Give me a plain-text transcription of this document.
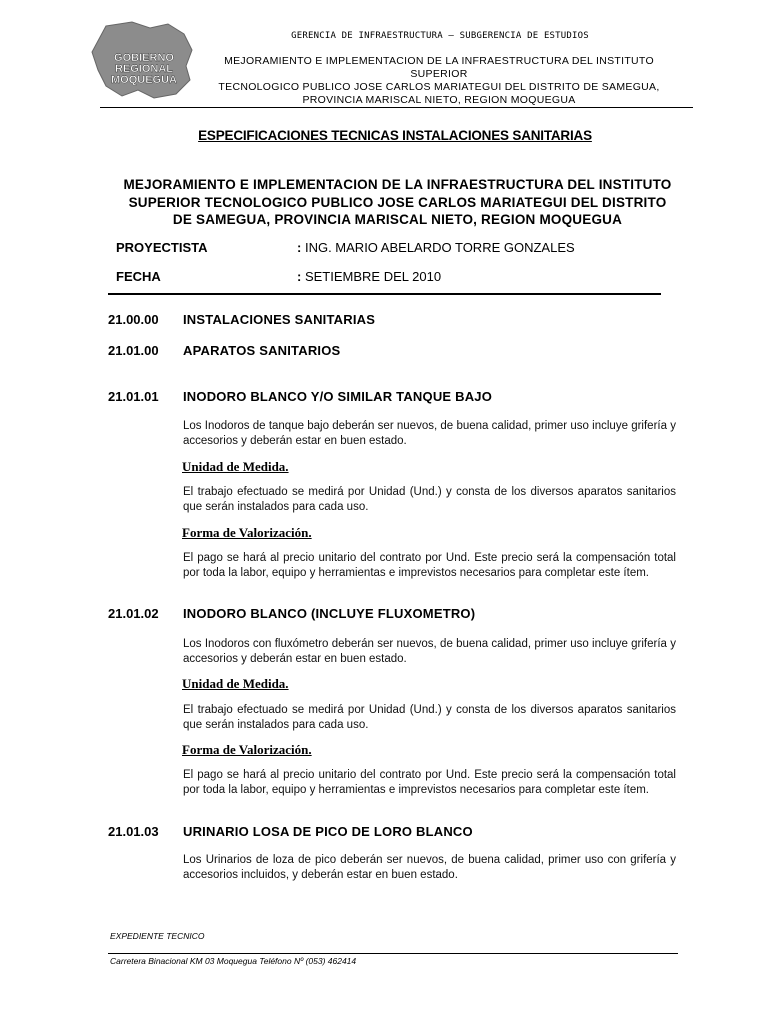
GOBIERNO
REGIONAL
MOQUEGUA
GERENCIA DE INFRAESTRUCTURA – SUBGERENCIA DE ESTUDIOS
MEJORAMIENTO E IMPLEMENTACION DE LA INFRAESTRUCTURA DEL INSTITUTO SUPERIOR
TECNOLOGICO PUBLICO JOSE CARLOS MARIATEGUI DEL DISTRITO DE SAMEGUA,
PROVINCIA MARISCAL NIETO, REGION MOQUEGUA
ESPECIFICACIONES TECNICAS INSTALACIONES SANITARIAS
MEJORAMIENTO E IMPLEMENTACION DE LA INFRAESTRUCTURA DEL INSTITUTO
SUPERIOR TECNOLOGICO PUBLICO JOSE CARLOS MARIATEGUI DEL DISTRITO
DE SAMEGUA, PROVINCIA MARISCAL NIETO, REGION MOQUEGUA
PROYECTISTA	: ING. MARIO ABELARDO TORRE GONZALES
FECHA	: SETIEMBRE DEL 2010
21.00.00 INSTALACIONES SANITARIAS
21.01.00 APARATOS SANITARIOS
21.01.01 INODORO BLANCO Y/O SIMILAR TANQUE BAJO
Los Inodoros de tanque bajo deberán ser nuevos, de buena calidad, primer uso incluye grifería y accesorios y deberán estar en buen estado.
Unidad de Medida.
El trabajo efectuado se medirá por Unidad (Und.) y consta de los diversos aparatos sanitarios que serán instalados para cada uso.
Forma de Valorización.
El pago se hará al precio unitario del contrato por Und. Este precio será la compensación total por toda la labor, equipo y herramientas e imprevistos necesarios para completar este ítem.
21.01.02 INODORO BLANCO (INCLUYE FLUXOMETRO)
Los Inodoros con fluxómetro deberán ser nuevos, de buena calidad, primer uso incluye grifería y accesorios y deberán estar en buen estado.
Unidad de Medida.
El trabajo efectuado se medirá por Unidad (Und.) y consta de los diversos aparatos sanitarios que serán instalados para cada uso.
Forma de Valorización.
El pago se hará al precio unitario del contrato por Und. Este precio será la compensación total por toda la labor, equipo y herramientas e imprevistos necesarios para completar este ítem.
21.01.03 URINARIO LOSA DE PICO DE LORO BLANCO
Los Urinarios de loza de pico deberán ser nuevos, de buena calidad, primer uso con grifería y accesorios incluidos, y deberán estar en buen estado.
EXPEDIENTE TECNICO
Carretera Binacional KM 03 Moquegua Teléfono Nº (053) 462414
